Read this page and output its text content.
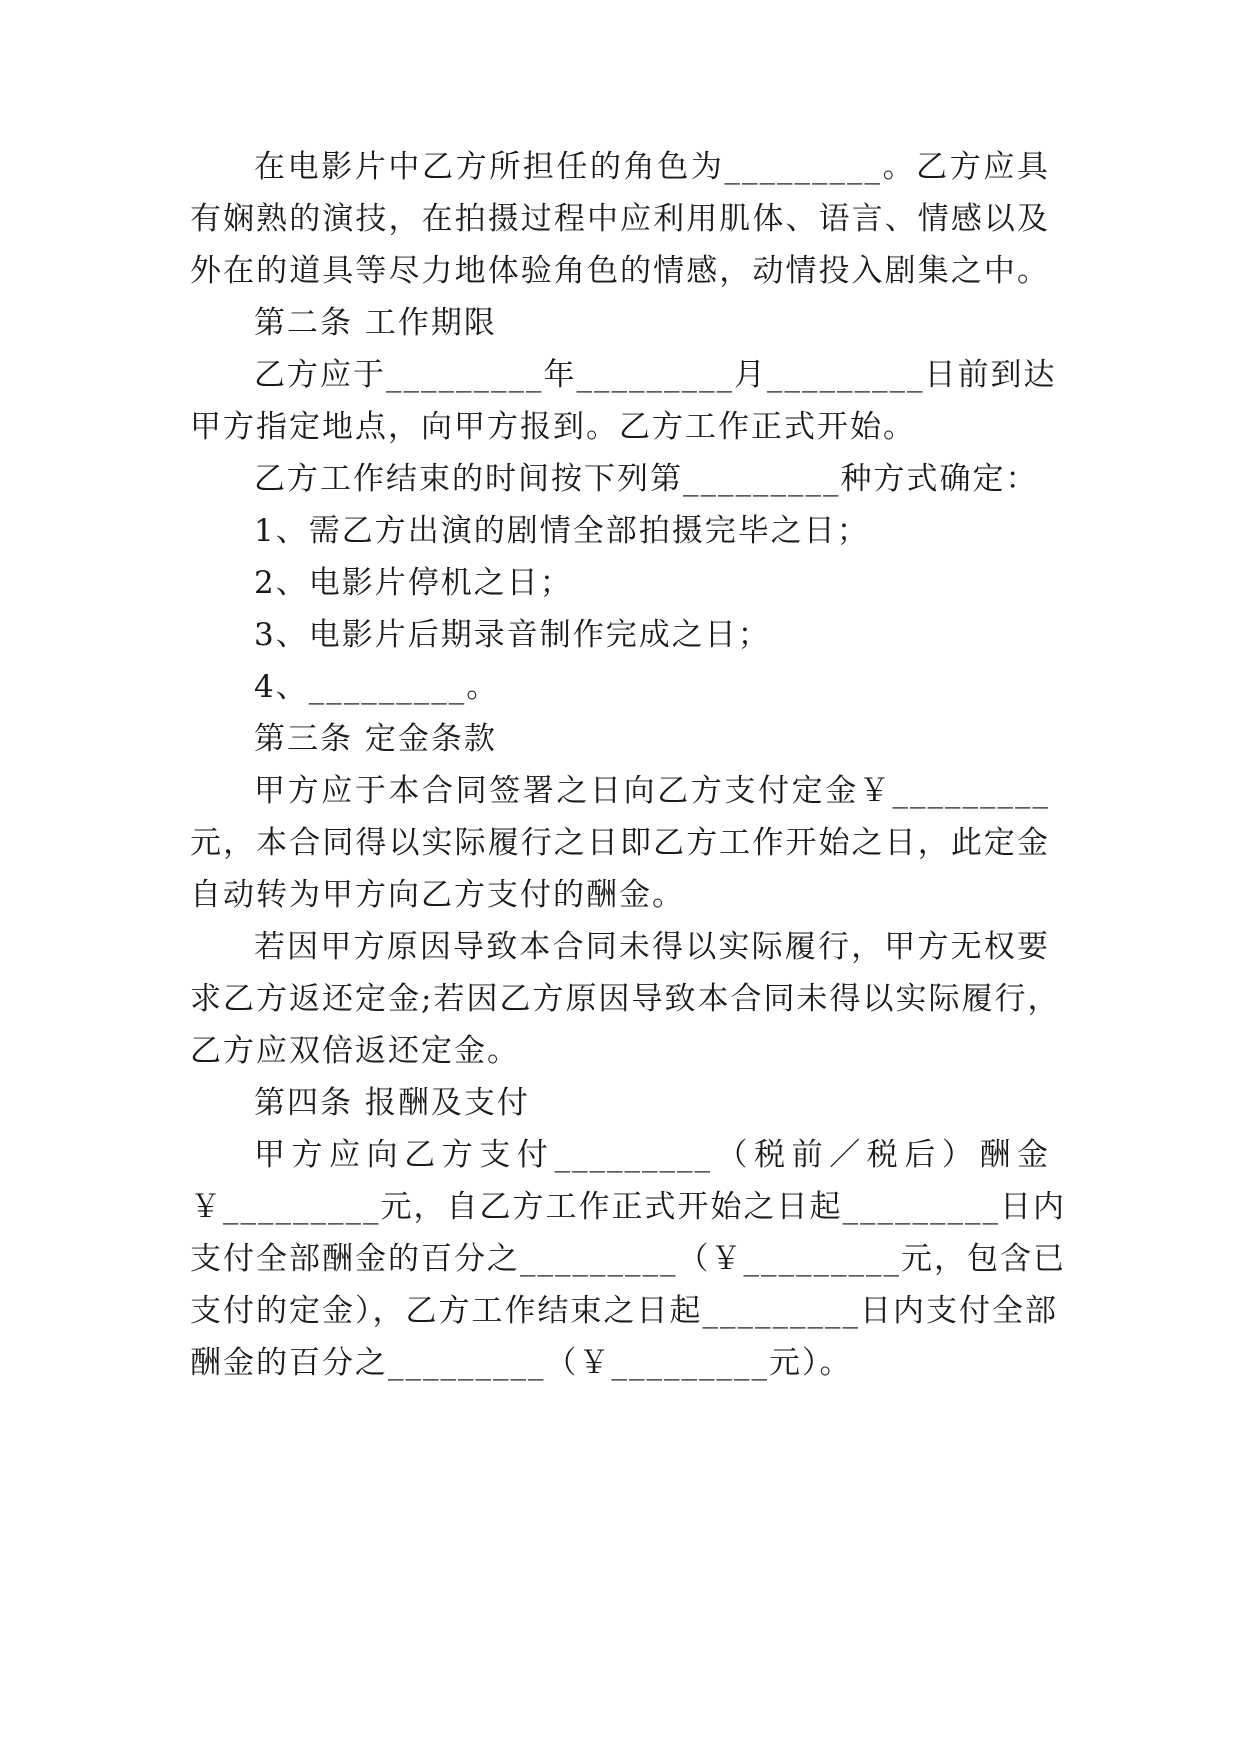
在电影片中乙方所担任的角色为_________。乙方应具
有娴熟的演技，在拍摄过程中应利用肌体、语言、情感以及
外在的道具等尽力地体验角色的情感，动情投入剧集之中。
第二条 工作期限
乙方应于_________年_________月_________日前到达
甲方指定地点，向甲方报到。乙方工作正式开始。
乙方工作结束的时间按下列第_________种方式确定：
1、需乙方出演的剧情全部拍摄完毕之日；
2、电影片停机之日；
3、电影片后期录音制作完成之日；
4、_________。
第三条 定金条款
甲方应于本合同签署之日向乙方支付定金￥_________
元，本合同得以实际履行之日即乙方工作开始之日，此定金
自动转为甲方向乙方支付的酬金。
若因甲方原因导致本合同未得以实际履行，甲方无权要
求乙方返还定金;若因乙方原因导致本合同未得以实际履行，
乙方应双倍返还定金。
第四条 报酬及支付
甲方应向乙方支付_________（税前／税后）酬金
￥_________元，自乙方工作正式开始之日起_________日内
支付全部酬金的百分之_________（￥_________元，包含已
支付的定金），乙方工作结束之日起_________日内支付全部
酬金的百分之_________（￥_________元）。
